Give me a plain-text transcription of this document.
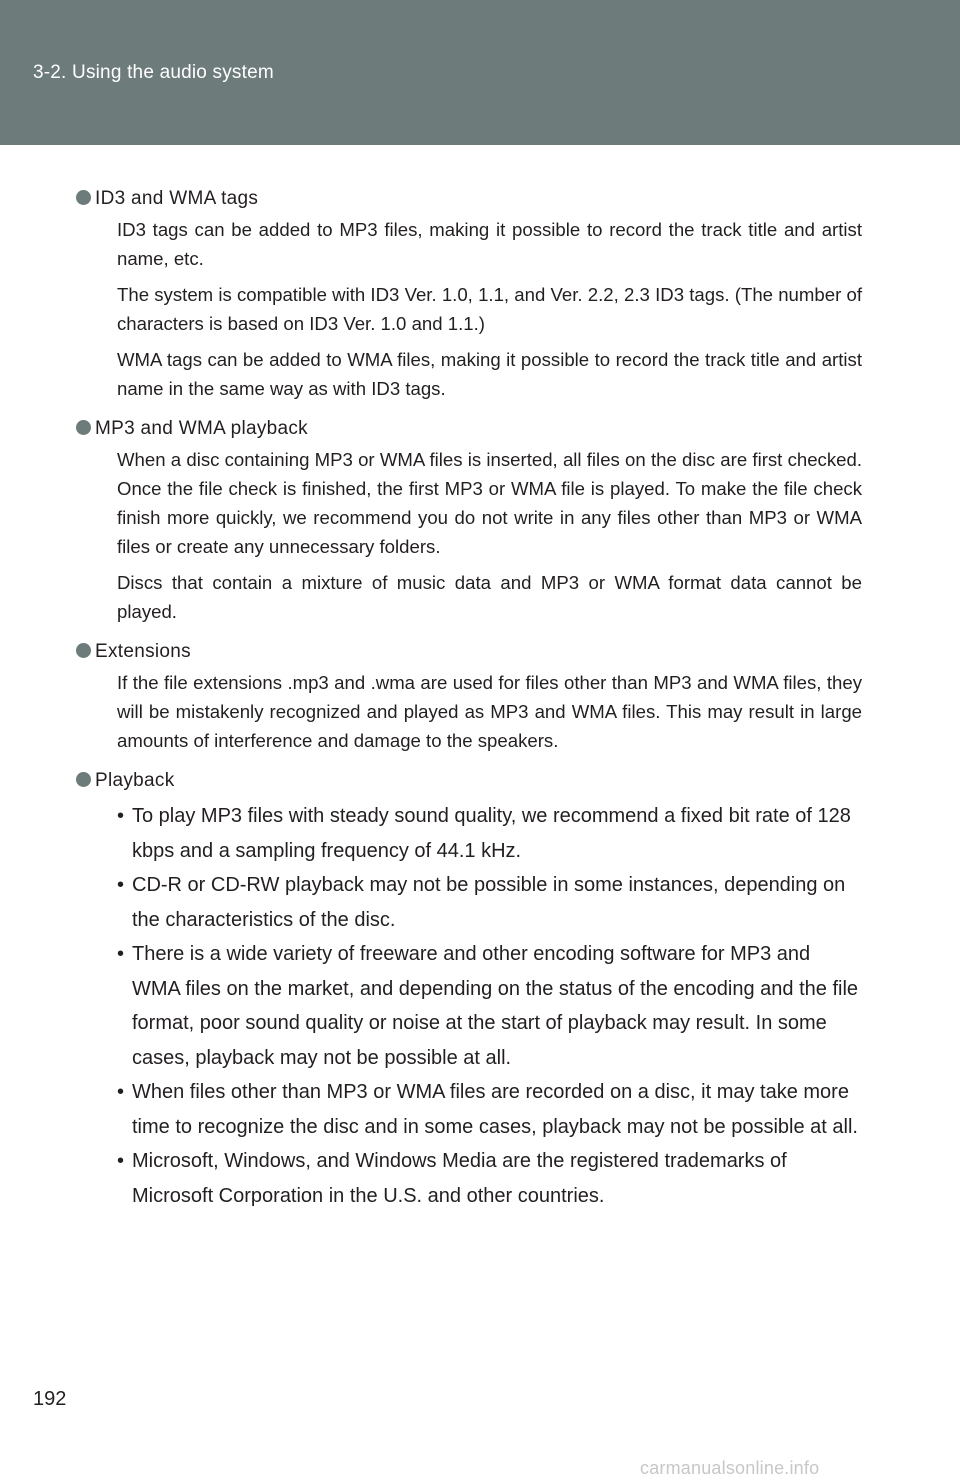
3-2. Using the audio system
ID3 and WMA tags

ID3 tags can be added to MP3 files, making it possible to record the track title and artist name, etc.

The system is compatible with ID3 Ver. 1.0, 1.1, and Ver. 2.2, 2.3 ID3 tags. (The number of characters is based on ID3 Ver. 1.0 and 1.1.)

WMA tags can be added to WMA files, making it possible to record the track title and artist name in the same way as with ID3 tags.

MP3 and WMA playback

When a disc containing MP3 or WMA files is inserted, all files on the disc are first checked. Once the file check is finished, the first MP3 or WMA file is played. To make the file check finish more quickly, we recommend you do not write in any files other than MP3 or WMA files or create any unnecessary folders.

Discs that contain a mixture of music data and MP3 or WMA format data cannot be played.

Extensions

If the file extensions .mp3 and .wma are used for files other than MP3 and WMA files, they will be mistakenly recognized and played as MP3 and WMA files. This may result in large amounts of interference and damage to the speakers.

Playback
• To play MP3 files with steady sound quality, we recommend a fixed bit rate of 128 kbps and a sampling frequency of 44.1 kHz.
• CD-R or CD-RW playback may not be possible in some instances, depending on the characteristics of the disc.
• There is a wide variety of freeware and other encoding software for MP3 and WMA files on the market, and depending on the status of the encoding and the file format, poor sound quality or noise at the start of playback may result. In some cases, playback may not be possible at all.
• When files other than MP3 or WMA files are recorded on a disc, it may take more time to recognize the disc and in some cases, playback may not be possible at all.
• Microsoft, Windows, and Windows Media are the registered trademarks of Microsoft Corporation in the U.S. and other countries.
192
carmanualsonline.info
